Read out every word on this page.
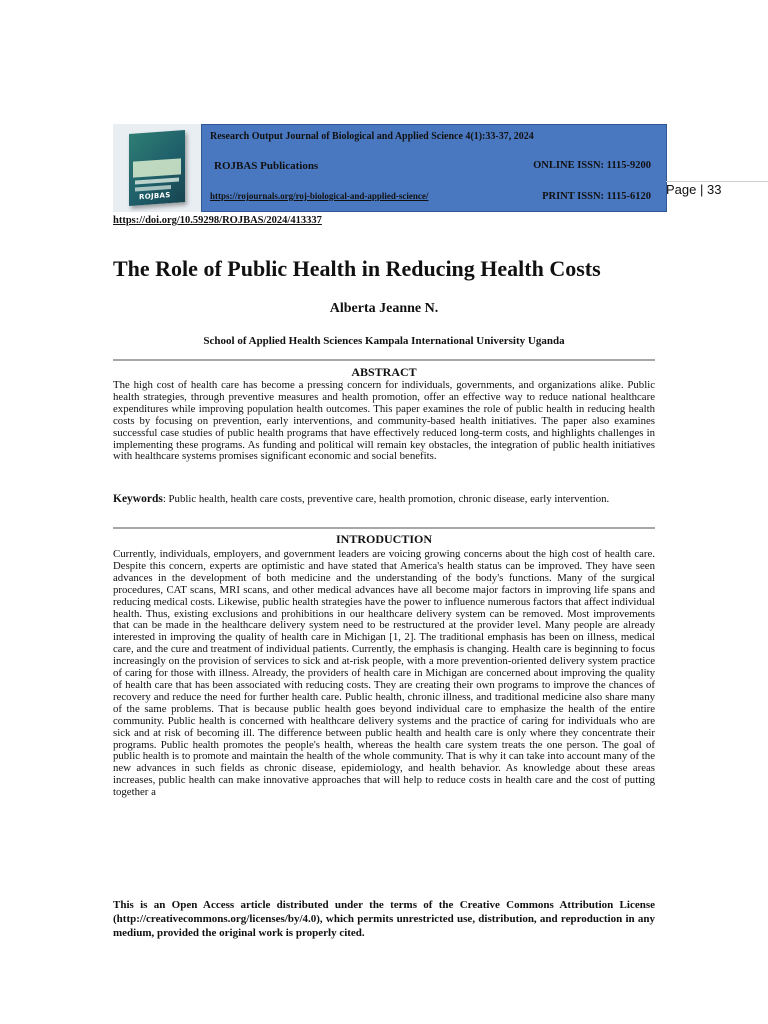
ROJBAS
Research Output Journal of Biological and Applied Science 4(1):33-37, 2024
ROJBAS Publications	ONLINE ISSN: 1115-9200
https://rojournals.org/roj-biological-and-applied-science/	PRINT ISSN: 1115-6120 Page | 33
https://doi.org/10.59298/ROJBAS/2024/413337
The Role of Public Health in Reducing Health Costs
Alberta Jeanne N.
School of Applied Health Sciences Kampala International University Uganda
ABSTRACT

The high cost of health care has become a pressing concern for individuals, governments, and organizations alike. Public health strategies, through preventive measures and health promotion, offer an effective way to reduce national healthcare expenditures while improving population health outcomes. This paper examines the role of public health in reducing health costs by focusing on prevention, early interventions, and community-based health initiatives. The paper also examines successful case studies of public health programs that have effectively reduced long-term costs, and highlights challenges in implementing these programs. As funding and political will remain key obstacles, the integration of public health initiatives with healthcare systems promises significant economic and social benefits.

Keywords: Public health, health care costs, preventive care, health promotion, chronic disease, early intervention.

INTRODUCTION

Currently, individuals, employers, and government leaders are voicing growing concerns about the high cost of health care. Despite this concern, experts are optimistic and have stated that America's health status can be improved. They have seen advances in the development of both medicine and the understanding of the body's functions. Many of the surgical procedures, CAT scans, MRI scans, and other medical advances have all become major factors in improving life spans and reducing medical costs. Likewise, public health strategies have the power to influence numerous factors that affect individual health. Thus, existing exclusions and prohibitions in our healthcare delivery system can be removed. Most improvements that can be made in the healthcare delivery system need to be restructured at the provider level. Many people are already interested in improving the quality of health care in Michigan [1, 2]. The traditional emphasis has been on illness, medical care, and the cure and treatment of individual patients. Currently, the emphasis is changing. Health care is beginning to focus increasingly on the provision of services to sick and at-risk people, with a more prevention-oriented delivery system practice of caring for those with illness. Already, the providers of health care in Michigan are concerned about improving the quality of health care that has been associated with reducing costs. They are creating their own programs to improve the chances of recovery and reduce the need for further health care. Public health, chronic illness, and traditional medicine also share many of the same problems. That is because public health goes beyond individual care to emphasize the health of the entire community. Public health is concerned with healthcare delivery systems and the practice of caring for individuals who are sick and at risk of becoming ill. The difference between public health and health care is only where they concentrate their programs. Public health promotes the people's health, whereas the health care system treats the one person. The goal of public health is to promote and maintain the health of the whole community. That is why it can take into account many of the new advances in such fields as chronic disease, epidemiology, and health behavior. As knowledge about these areas increases, public health can make innovative approaches that will help to reduce costs in health care and the cost of putting together a

This is an Open Access article distributed under the terms of the Creative Commons Attribution License (http://creativecommons.org/licenses/by/4.0), which permits unrestricted use, distribution, and reproduction in any medium, provided the original work is properly cited.
